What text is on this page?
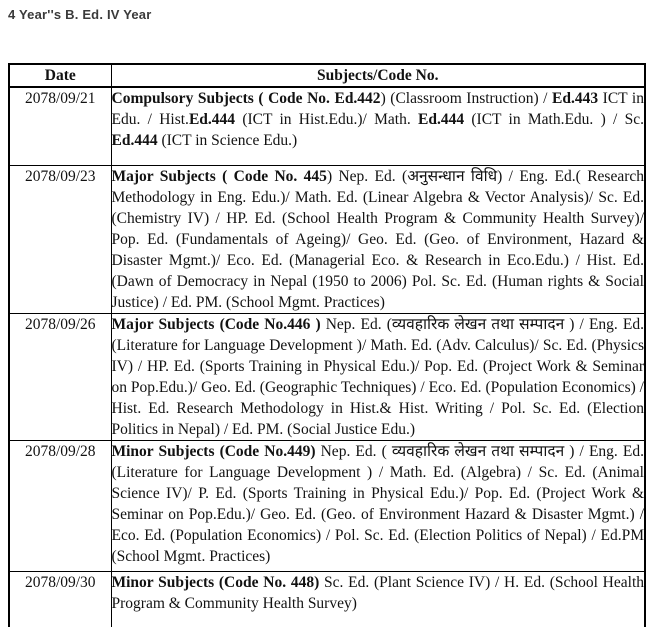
4 Year''s B. Ed. IV Year
Date	Subjects/Code No.
2078/09/21	Compulsory Subjects ( Code No. Ed.442) (Classroom Instruction) / Ed.443 ICT in Edu. / Hist.Ed.444 (ICT in Hist.Edu.)/ Math. Ed.444 (ICT in Math.Edu. ) / Sc. Ed.444 (ICT in Science Edu.)
2078/09/23	Major Subjects ( Code No. 445) Nep. Ed. (अनुसन्धान विधि) / Eng. Ed.( Research Methodology in Eng. Edu.)/ Math. Ed. (Linear Algebra & Vector Analysis)/ Sc. Ed. (Chemistry IV) / HP. Ed. (School Health Program & Community Health Survey)/ Pop. Ed. (Fundamentals of Ageing)/ Geo. Ed. (Geo. of Environment, Hazard & Disaster Mgmt.)/ Eco. Ed. (Managerial Eco. & Research in Eco.Edu.) / Hist. Ed. (Dawn of Democracy in Nepal (1950 to 2006) Pol. Sc. Ed. (Human rights & Social Justice) / Ed. PM. (School Mgmt. Practices)
2078/09/26	Major Subjects (Code No.446 ) Nep. Ed. (व्यवहारिक लेखन तथा सम्पादन ) / Eng. Ed. (Literature for Language Development )/ Math. Ed. (Adv. Calculus)/ Sc. Ed. (Physics IV) / HP. Ed. (Sports Training in Physical Edu.)/ Pop. Ed. (Project Work & Seminar on Pop.Edu.)/ Geo. Ed. (Geographic Techniques) / Eco. Ed. (Population Economics) / Hist. Ed. Research Methodology in Hist.& Hist. Writing / Pol. Sc. Ed. (Election Politics in Nepal) / Ed. PM. (Social Justice Edu.)
2078/09/28	Minor Subjects (Code No.449) Nep. Ed. ( व्यवहारिक लेखन तथा सम्पादन ) / Eng. Ed. (Literature for Language Development ) / Math. Ed. (Algebra) / Sc. Ed. (Animal Science IV)/ P. Ed. (Sports Training in Physical Edu.)/ Pop. Ed. (Project Work & Seminar on Pop.Edu.)/ Geo. Ed. (Geo. of Environment Hazard & Disaster Mgmt.) / Eco. Ed. (Population Economics) / Pol. Sc. Ed. (Election Politics of Nepal) / Ed.PM (School Mgmt. Practices)
2078/09/30	Minor Subjects (Code No. 448) Sc. Ed. (Plant Science IV) / H. Ed. (School Health Program & Community Health Survey)
